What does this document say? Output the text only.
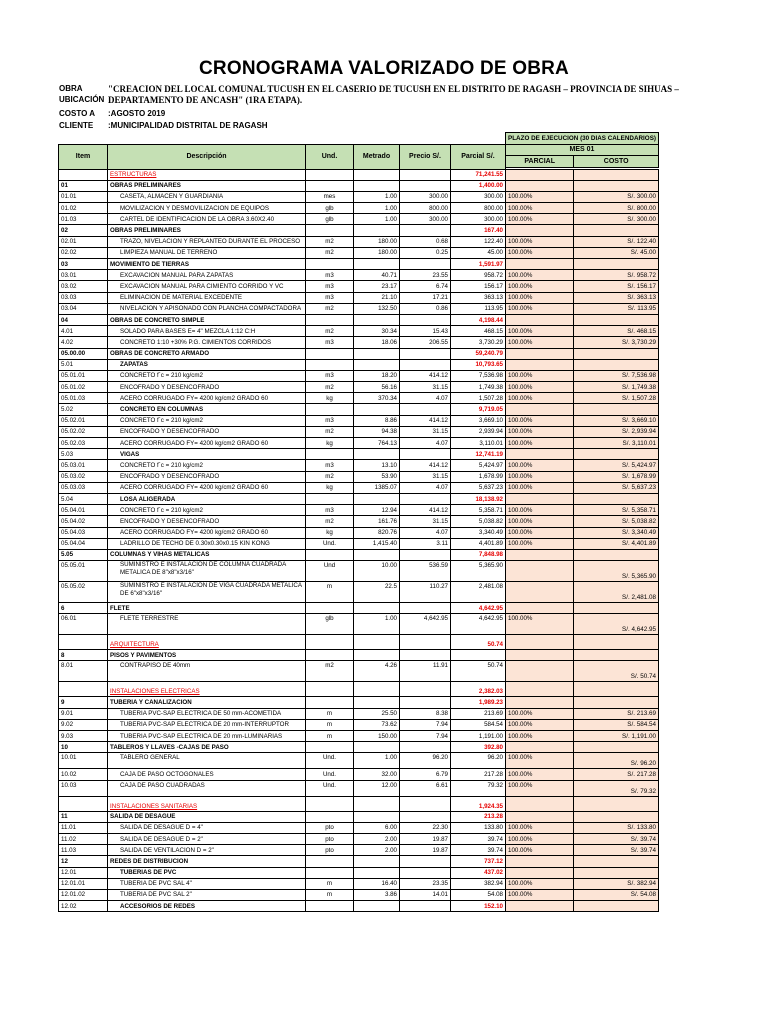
CRONOGRAMA VALORIZADO DE OBRA
OBRA	"CREACION DEL LOCAL COMUNAL TUCUSH EN EL CASERIO DE TUCUSH EN EL DISTRITO DE RAGASH – PROVINCIA DE SIHUAS –
UBICACIÓN DEPARTAMENTO DE ANCASH" (1RA ETAPA).
COSTO A	:AGOSTO 2019
CLIENTE	:MUNICIPALIDAD DISTRITAL DE RAGASH
						PLAZO DE EJECUCION (30 DIAS CALENDARIOS)	
Item	Descripción	Und.	Metrado	Precio S/.	Parcial S/.	MES 01	
						PARCIAL	COSTO

	ESTRUCTURAS				71,241.55		
01	OBRAS PRELIMINARES				1,400.00		
01.01	CASETA, ALMACEN Y GUARDIANIA	mes	1.00	300.00	300.00	100.00%	S/. 300.00
01.02	MOVILIZACION Y DESMOVILIZACION DE EQUIPOS	glb	1.00	800.00	800.00	100.00%	S/. 800.00
01.03	CARTEL DE IDENTIFICACION DE LA OBRA 3.60X2.40	glb	1.00	300.00	300.00	100.00%	S/. 300.00
02	OBRAS PRELIMINARES				167.40		
02.01	TRAZO, NIVELACION Y REPLANTEO DURANTE EL PROCESO	m2	180.00	0.68	122.40	100.00%	S/. 122.40
02.02	LIMPIEZA MANUAL DE TERRENO	m2	180.00	0.25	45.00	100.00%	S/. 45.00
03	MOVIMIENTO DE TIERRAS				1,591.97		
03.01	EXCAVACION MANUAL PARA ZAPATAS	m3	40.71	23.55	958.72	100.00%	S/. 958.72
03.02	EXCAVACION MANUAL PARA CIMIENTO CORRIDO Y VC	m3	23.17	6.74	156.17	100.00%	S/. 156.17
03.03	ELIMINACION DE MATERIAL EXCEDENTE	m3	21.10	17.21	363.13	100.00%	S/. 363.13
03.04	NIVELACION Y APISONADO CON PLANCHA COMPACTADORA	m2	132.50	0.86	113.95	100.00%	S/. 113.95
04	OBRAS DE CONCRETO SIMPLE				4,198.44		
4.01	SOLADO PARA BASES E= 4" MEZCLA 1:12 C:H	m2	30.34	15.43	468.15	100.00%	S/. 468.15
4.02	CONCRETO 1:10 +30% P.G. CIMIENTOS CORRIDOS	m3	18.06	206.55	3,730.29	100.00%	S/. 3,730.29
05.00.00	OBRAS DE CONCRETO ARMADO				59,240.79		
5.01	ZAPATAS				10,793.65		
05.01.01	CONCRETO f`c = 210 kg/cm2	m3	18.20	414.12	7,536.98	100.00%	S/. 7,536.98
05.01.02	ENCOFRADO Y DESENCOFRADO	m2	56.16	31.15	1,749.38	100.00%	S/. 1,749.38
05.01.03	ACERO CORRUGADO FY= 4200 kg/cm2 GRADO 60	kg	370.34	4.07	1,507.28	100.00%	S/. 1,507.28
5.02	CONCRETO EN COLUMNAS				9,719.05		
05.02.01	CONCRETO f`c = 210 kg/cm2	m3	8.86	414.12	3,669.10	100.00%	S/. 3,669.10
05.02.02	ENCOFRADO Y DESENCOFRADO	m2	94.38	31.15	2,939.94	100.00%	S/. 2,939.94
05.02.03	ACERO CORRUGADO FY= 4200 kg/cm2 GRADO 60	kg	764.13	4.07	3,110.01	100.00%	S/. 3,110.01
5.03	VIGAS				12,741.19		
05.03.01	CONCRETO f`c = 210 kg/cm2	m3	13.10	414.12	5,424.97	100.00%	S/. 5,424.97
05.03.02	ENCOFRADO Y DESENCOFRADO	m2	53.90	31.15	1,678.99	100.00%	S/. 1,678.99
05.03.03	ACERO CORRUGADO FY= 4200 kg/cm2 GRADO 60	kg	1385.07	4.07	5,637.23	100.00%	S/. 5,637.23
5.04	LOSA ALIGERADA				18,138.92		
05.04.01	CONCRETO f`c = 210 kg/cm2	m3	12.94	414.12	5,358.71	100.00%	S/. 5,358.71
05.04.02	ENCOFRADO Y DESENCOFRADO	m2	161.76	31.15	5,038.82	100.00%	S/. 5,038.82
05.04.03	ACERO CORRUGADO FY= 4200 kg/cm2 GRADO 60	kg	820.76	4.07	3,340.49	100.00%	S/. 3,340.49
05.04.04	LADRILLO DE TECHO DE 0.30x0.30x0.15 KIN KONG	Und.	1,415.40	3.11	4,401.89	100.00%	S/. 4,401.89
5.05	COLUMNAS Y VIHAS METALICAS				7,848.98		
05.05.01	SUMINISTRO E INSTALACION DE COLUMNA CUADRADA METALICA DE 8"x8"x3/16"	Und	10.00	536.59	5,365.90		S/. 5,365.90
05.05.02	SUMINISTRO E INSTALACION DE VIGA CUADRADA METALICA DE 6"x8"x3/16"	m	22.5	110.27	2,481.08		S/. 2,481.08
6	FLETE				4,642.95		
06.01	FLETE TERRESTRE	glb	1.00	4,642.95	4,642.95	100.00%	S/. 4,642.95
	ARQUITECTURA				50.74		
8	PISOS Y PAVIMENTOS						
8.01	CONTRAPISO DE 40mm	m2	4.26	11.91	50.74		S/. 50.74
	INSTALACIONES ELECTRICAS				2,382.03		
9	TUBERIA Y CANALIZACION				1,989.23		
9.01	TUBERIA PVC-SAP ELECTRICA DE 50 mm-ACOMETIDA	m	25.50	8.38	213.69	100.00%	S/. 213.69
9.02	TUBERIA PVC-SAP ELECTRICA DE 20 mm-INTERRUPTOR	m	73.62	7.94	584.54	100.00%	S/. 584.54
9.03	TUBERIA PVC-SAP ELECTRICA DE 20 mm-LUMINARIAS	m	150.00	7.94	1,191.00	100.00%	S/. 1,191.00
10	TABLEROS Y LLAVES -CAJAS DE PASO				392.80		
10.01	TABLERO GENERAL	Und.	1.00	96.20	96.20	100.00%	S/. 96.20
10.02	CAJA DE PASO OCTOGONALES	Und.	32.00	6.79	217.28	100.00%	S/. 217.28
10.03	CAJA DE PASO CUADRADAS	Und.	12.00	6.61	79.32	100.00%	S/. 79.32
	INSTALACIONES SANITARIAS				1,924.35		
11	SALIDA DE DESAGUE				213.28		
11.01	SALIDA DE DESAGUE D = 4"	pto	6.00	22.30	133.80	100.00%	S/. 133.80
11.02	SALIDA DE DESAGUE D = 2"	pto	2.00	19.87	39.74	100.00%	S/. 39.74
11.03	SALIDA DE VENTILACION D = 2"	pto	2.00	19.87	39.74	100.00%	S/. 39.74
12	REDES DE DISTRIBUCION				737.12		
12.01	TUBERIAS DE PVC				437.02		
12.01.01	TUBERIA DE PVC SAL 4"	m	16.40	23.35	382.94	100.00%	S/. 382.94
12.01.02	TUBERIA DE PVC SAL 2"	m	3.86	14.01	54.08	100.00%	S/. 54.08
12.02	ACCESORIOS DE REDES				152.10		
